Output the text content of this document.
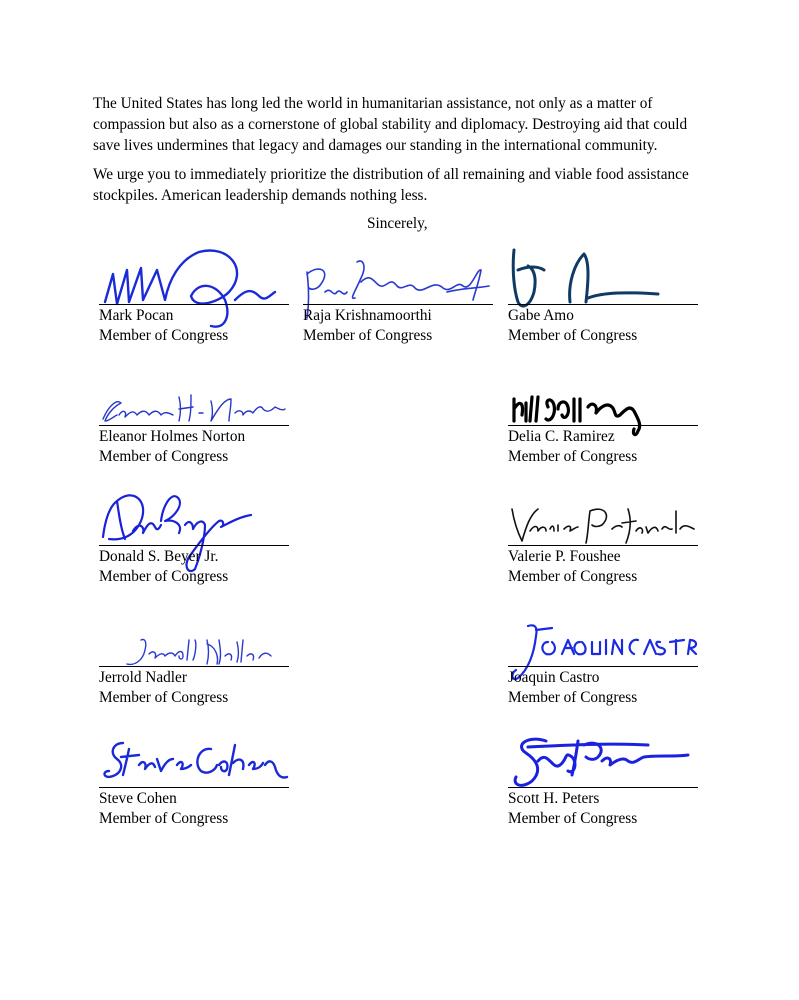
The United States has long led the world in humanitarian assistance, not only as a matter of compassion but also as a cornerstone of global stability and diplomacy. Destroying aid that could save lives undermines that legacy and damages our standing in the international community.

We urge you to immediately prioritize the distribution of all remaining and viable food assistance stockpiles. American leadership demands nothing less.

Sincerely,
Mark Pocan
Member of Congress
Raja Krishnamoorthi
Member of Congress
Gabe Amo
Member of Congress
Eleanor Holmes Norton
Member of Congress
Delia C. Ramirez
Member of Congress
Donald S. Beyer Jr.
Member of Congress
Valerie P. Foushee
Member of Congress
Jerrold Nadler
Member of Congress
Joaquin Castro
Member of Congress
Steve Cohen
Member of Congress
Scott H. Peters
Member of Congress
